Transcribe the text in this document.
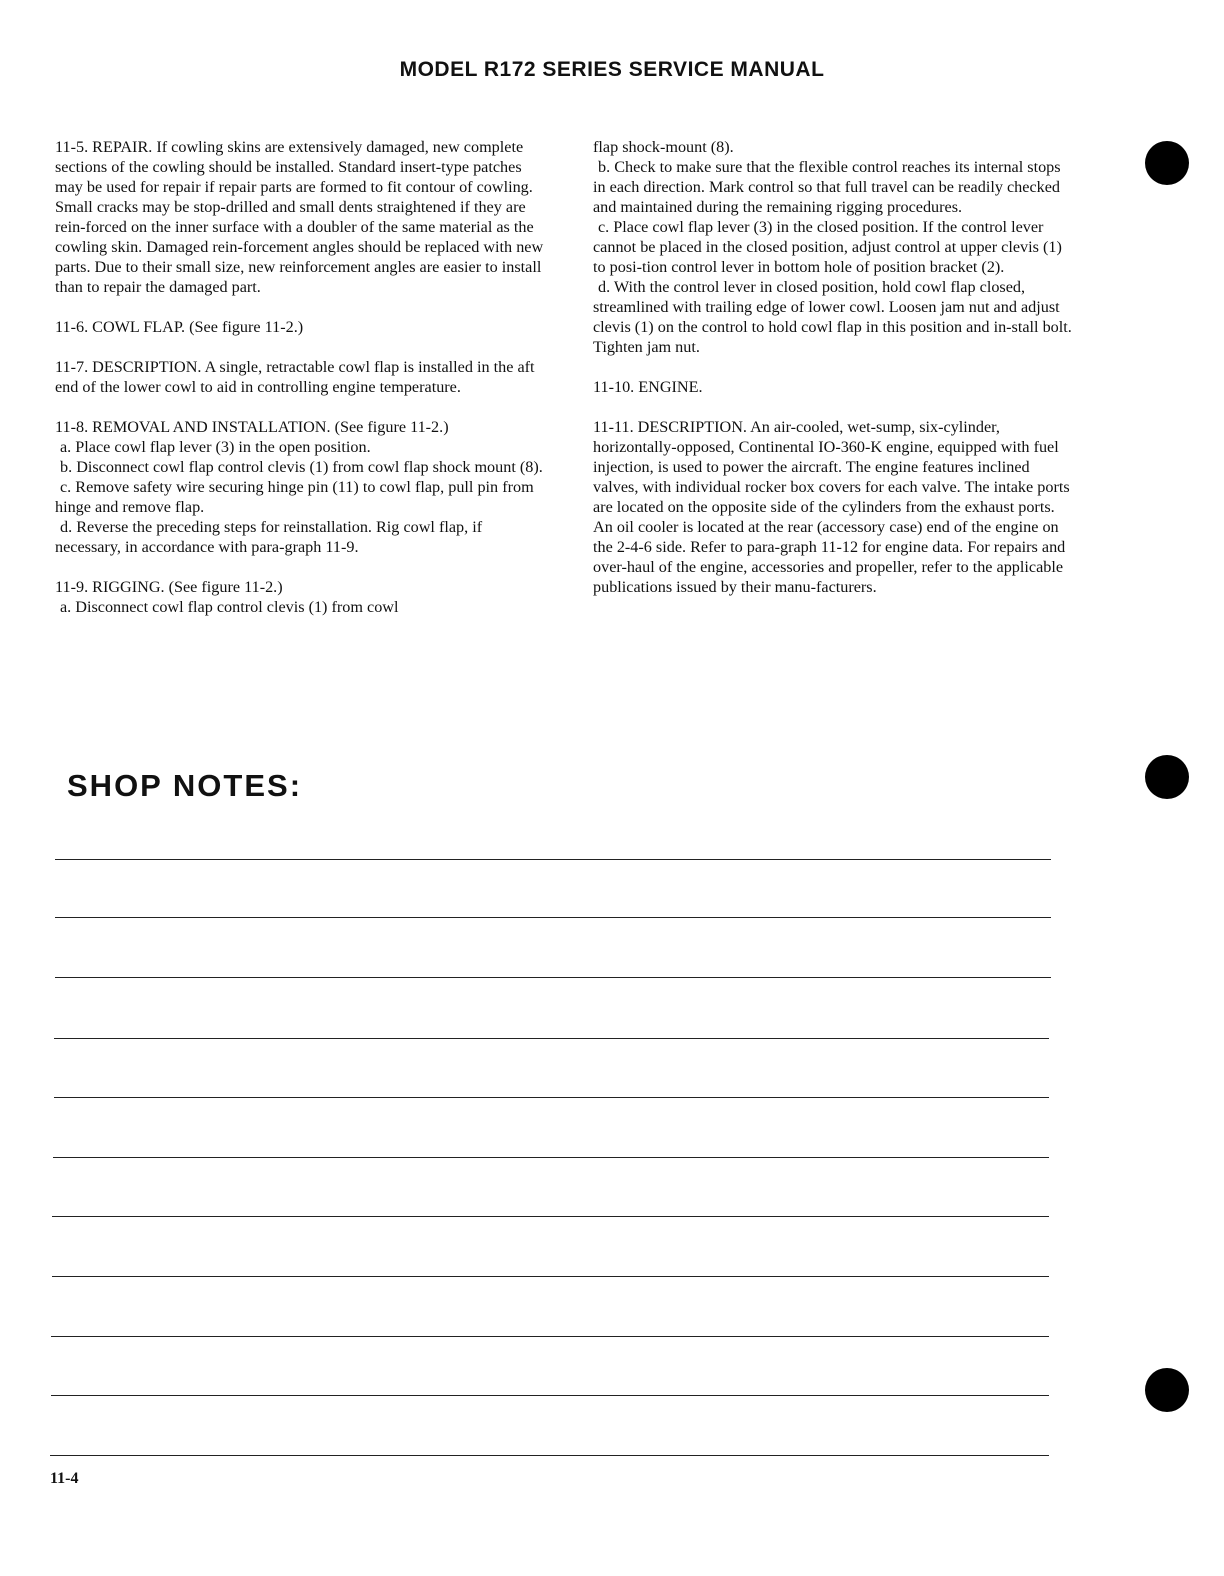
MODEL R172 SERIES SERVICE MANUAL

11-5. REPAIR. If cowling skins are extensively damaged, new complete sections of the cowling should be installed. Standard insert-type patches may be used for repair if repair parts are formed to fit contour of cowling. Small cracks may be stop-drilled and small dents straightened if they are rein-forced on the inner surface with a doubler of the same material as the cowling skin. Damaged rein-forcement angles should be replaced with new parts. Due to their small size, new reinforcement angles are easier to install than to repair the damaged part.

11-6. COWL FLAP. (See figure 11-2.)

11-7. DESCRIPTION. A single, retractable cowl flap is installed in the aft end of the lower cowl to aid in controlling engine temperature.

11-8. REMOVAL AND INSTALLATION. (See figure 11-2.)

a. Place cowl flap lever (3) in the open position.

b. Disconnect cowl flap control clevis (1) from cowl flap shock mount (8).

c. Remove safety wire securing hinge pin (11) to cowl flap, pull pin from hinge and remove flap.

d. Reverse the preceding steps for reinstallation. Rig cowl flap, if necessary, in accordance with para-graph 11-9.

11-9. RIGGING. (See figure 11-2.)

a. Disconnect cowl flap control clevis (1) from cowl

flap shock-mount (8).

b. Check to make sure that the flexible control reaches its internal stops in each direction. Mark control so that full travel can be readily checked and maintained during the remaining rigging procedures.

c. Place cowl flap lever (3) in the closed position. If the control lever cannot be placed in the closed position, adjust control at upper clevis (1) to posi-tion control lever in bottom hole of position bracket (2).

d. With the control lever in closed position, hold cowl flap closed, streamlined with trailing edge of lower cowl. Loosen jam nut and adjust clevis (1) on the control to hold cowl flap in this position and in-stall bolt. Tighten jam nut.

11-10. ENGINE.

11-11. DESCRIPTION. An air-cooled, wet-sump, six-cylinder, horizontally-opposed, Continental IO-360-K engine, equipped with fuel injection, is used to power the aircraft. The engine features inclined valves, with individual rocker box covers for each valve. The intake ports are located on the opposite side of the cylinders from the exhaust ports. An oil cooler is located at the rear (accessory case) end of the engine on the 2-4-6 side. Refer to para-graph 11-12 for engine data. For repairs and over-haul of the engine, accessories and propeller, refer to the applicable publications issued by their manu-facturers.

SHOP NOTES:
11-4
